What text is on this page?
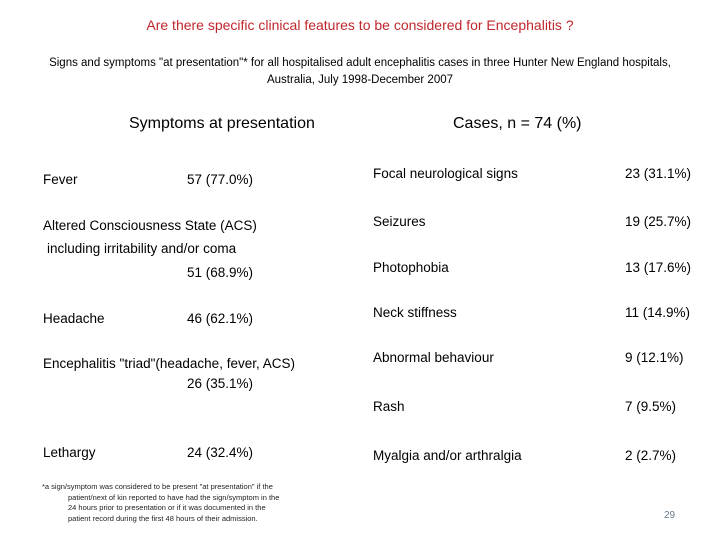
Are there specific clinical features to be considered for Encephalitis ?
Signs and symptoms "at presentation"* for all hospitalised adult encephalitis cases in three Hunter New England hospitals, Australia, July 1998-December 2007
Symptoms at presentation	Cases, n = 74 (%)
Fever	57 (77.0%)
Altered Consciousness State (ACS)
including irritability and/or coma
51 (68.9%)
Headache	46 (62.1%)
Encephalitis "triad"(headache, fever, ACS)
26 (35.1%)
Lethargy	24 (32.4%)
Focal neurological signs	23 (31.1%)
Seizures	19 (25.7%)
Photophobia	13 (17.6%)
Neck stiffness	11 (14.9%)
Abnormal behaviour	9 (12.1%)
Rash	7 (9.5%)
Myalgia and/or arthralgia	2 (2.7%)
*a sign/symptom was considered to be present "at presentation" if the
patient/next of kin reported to have had the sign/symptom in the
24 hours prior to presentation or if it was documented in the
patient record during the first 48 hours of their admission.	29
